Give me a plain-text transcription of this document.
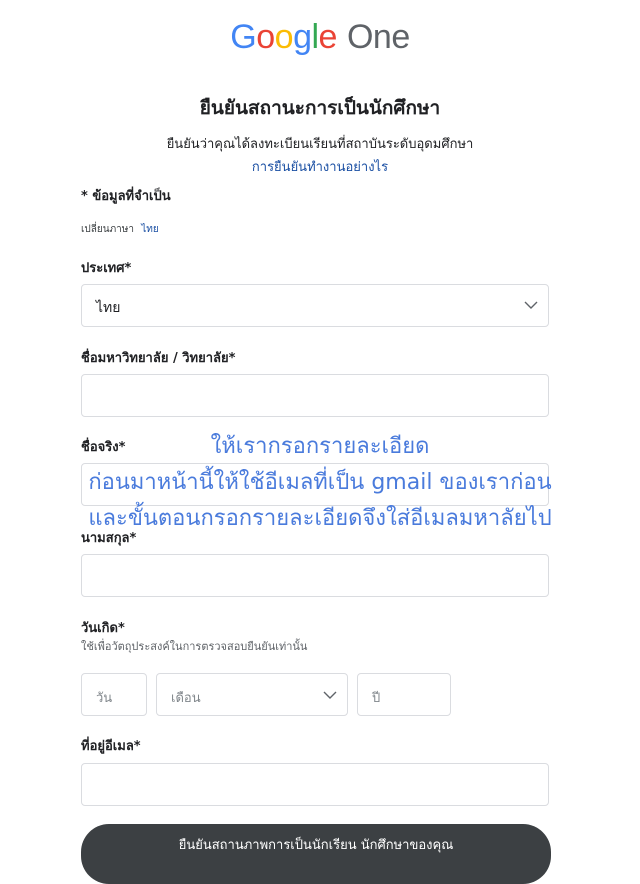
Google One
ยืนยันสถานะการเป็นนักศึกษา
ยืนยันว่าคุณได้ลงทะเบียนเรียนที่สถาบันระดับอุดมศึกษา
การยืนยันทำงานอย่างไร
* ข้อมูลที่จำเป็น
เปลี่ยนภาษา ไทย
ประเทศ*
ไทย
ชื่อมหาวิทยาลัย / วิทยาลัย*
ชื่อจริง*
นามสกุล*
วันเกิด*
ใช้เพื่อวัตถุประสงค์ในการตรวจสอบยืนยันเท่านั้น
วัน	เดือน	ปี
ที่อยู่อีเมล*
ยืนยันสถานภาพการเป็นนักเรียน นักศึกษาของคุณ
ให้เรากรอกรายละเอียด
ก่อนมาหน้านี้ให้ใช้อีเมลที่เป็น gmail ของเราก่อน
และขั้นตอนกรอกรายละเอียดจึงใส่อีเมลมหาลัยไป
